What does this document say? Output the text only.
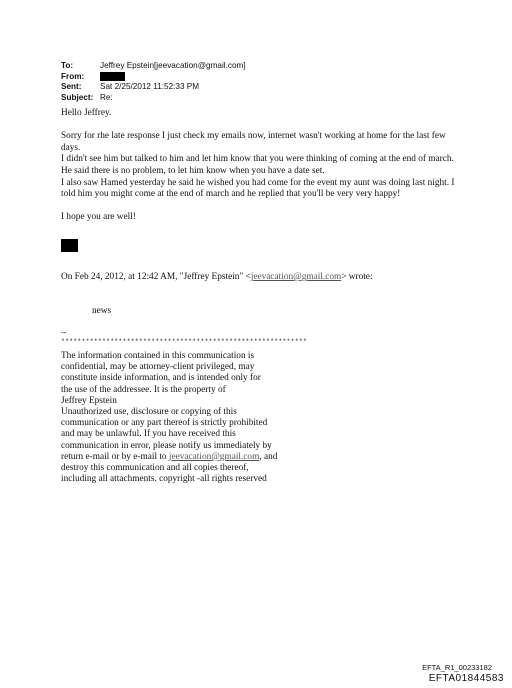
To:	Jeffrey Epstein[jeevacation@gmail.com]
From:
Sent:	Sat 2/25/2012 11:52:33 PM
Subject: Re:

Hello Jeffrey.

Sorry for rhe late response I just check my emails now, internet wasn't working at home for the last few days.

I didn't see him but talked to him and let him know that you were thinking of coming at the end of march. He said there is no problem, to let him know when you have a date set.

I also saw Hamed yesterday he said he wished you had come for the event my aunt was doing last night. I told him you might come at the end of march and he replied that you'll be very very happy!

I hope you are well!

On Feb 24, 2012, at 12:42 AM, "Jeffrey Epstein" <jeevacation@gmail.com> wrote:
news
--
************************************************************

The information contained in this communication is

confidential, may be attorney-client privileged, may

constitute inside information, and is intended only for

the use of the addressee. It is the property of

Jeffrey Epstein

Unauthorized use, disclosure or copying of this

communication or any part thereof is strictly prohibited

and may be unlawful. If you have received this

communication in error, please notify us immediately by

return e-mail or by e-mail to jeevacation@gmail.com, and

destroy this communication and all copies thereof,

including all attachments. copyright -all rights reserved

EFTA_R1_00233182
EFTA01844583
